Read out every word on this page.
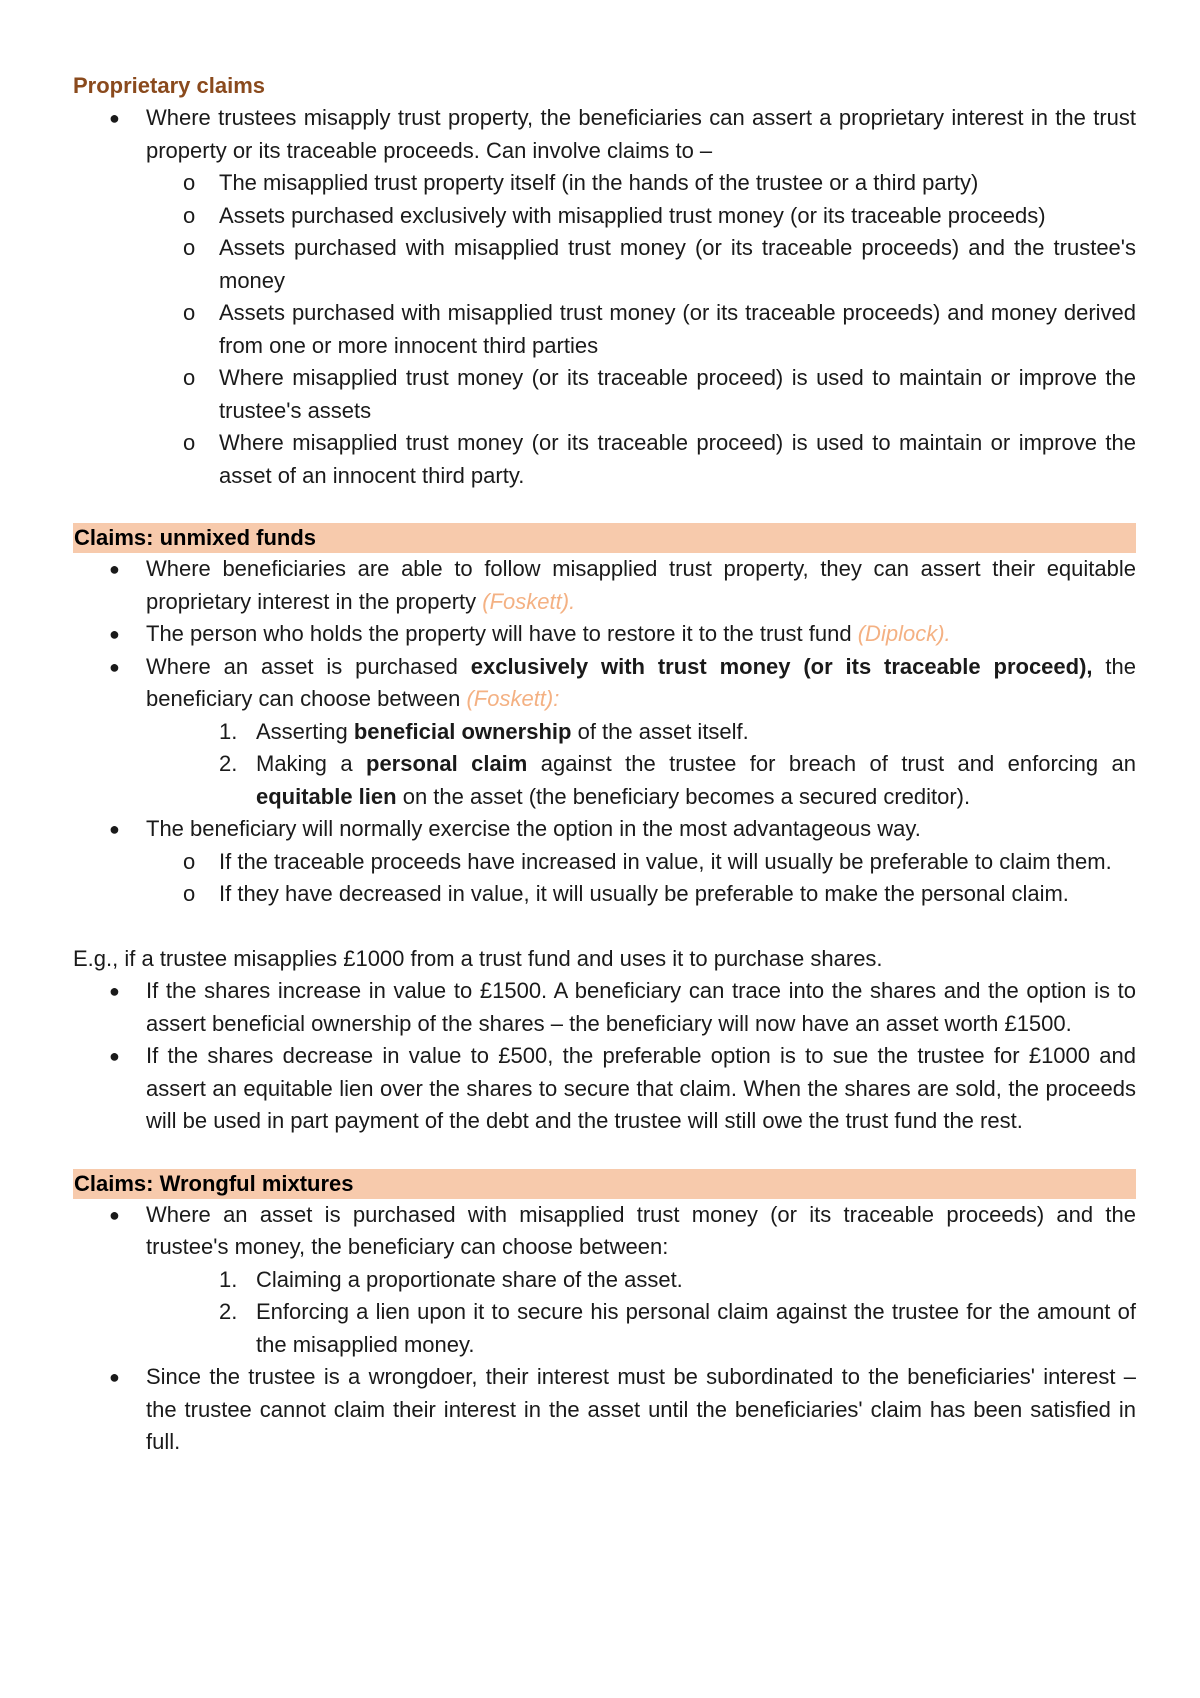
Proprietary claims

● Where trustees misapply trust property, the beneficiaries can assert a proprietary interest in the trust property or its traceable proceeds. Can involve claims to –

o The misapplied trust property itself (in the hands of the trustee or a third party)

o Assets purchased exclusively with misapplied trust money (or its traceable proceeds)

o Assets purchased with misapplied trust money (or its traceable proceeds) and the trustee's money

o Assets purchased with misapplied trust money (or its traceable proceeds) and money derived from one or more innocent third parties

o Where misapplied trust money (or its traceable proceed) is used to maintain or improve the trustee's assets

o Where misapplied trust money (or its traceable proceed) is used to maintain or improve the asset of an innocent third party.

Claims: unmixed funds

● Where beneficiaries are able to follow misapplied trust property, they can assert their equitable proprietary interest in the property (Foskett).

● The person who holds the property will have to restore it to the trust fund (Diplock).

● Where an asset is purchased exclusively with trust money (or its traceable proceed), the beneficiary can choose between (Foskett):

1. Asserting beneficial ownership of the asset itself.

2. Making a personal claim against the trustee for breach of trust and enforcing an equitable lien on the asset (the beneficiary becomes a secured creditor).

● The beneficiary will normally exercise the option in the most advantageous way.

o If the traceable proceeds have increased in value, it will usually be preferable to claim them.

o If they have decreased in value, it will usually be preferable to make the personal claim.

E.g., if a trustee misapplies £1000 from a trust fund and uses it to purchase shares.

● If the shares increase in value to £1500. A beneficiary can trace into the shares and the option is to assert beneficial ownership of the shares – the beneficiary will now have an asset worth £1500.

● If the shares decrease in value to £500, the preferable option is to sue the trustee for £1000 and assert an equitable lien over the shares to secure that claim. When the shares are sold, the proceeds will be used in part payment of the debt and the trustee will still owe the trust fund the rest.

Claims: Wrongful mixtures

● Where an asset is purchased with misapplied trust money (or its traceable proceeds) and the trustee's money, the beneficiary can choose between:

1. Claiming a proportionate share of the asset.

2. Enforcing a lien upon it to secure his personal claim against the trustee for the amount of the misapplied money.

● Since the trustee is a wrongdoer, their interest must be subordinated to the beneficiaries' interest – the trustee cannot claim their interest in the asset until the beneficiaries' claim has been satisfied in full.
